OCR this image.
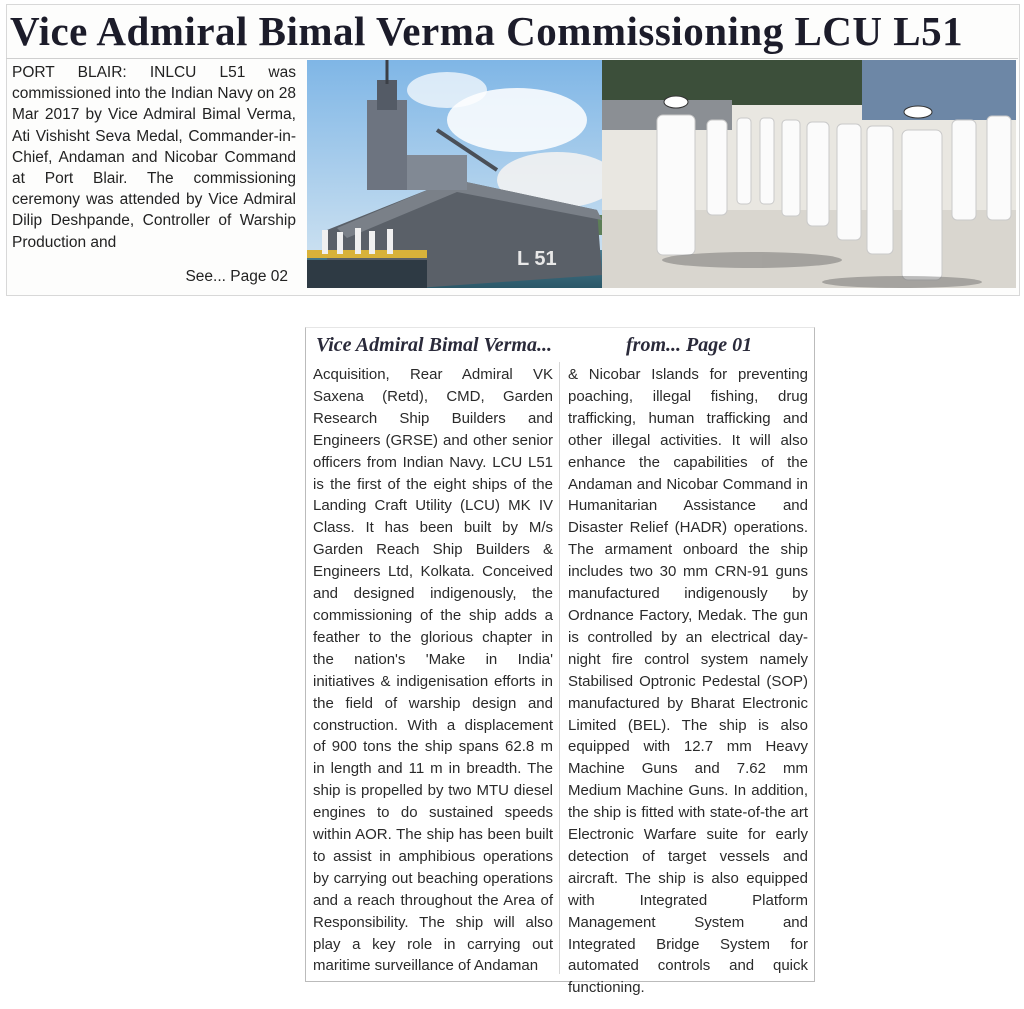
Vice Admiral Bimal Verma Commissioning LCU L51

PORT BLAIR: INLCU L51 was commissioned into the Indian Navy on 28 Mar 2017 by Vice Admiral Bimal Verma, Ati Vishisht Seva Medal, Commander-in-Chief, Andaman and Nicobar Command at Port Blair. The commissioning ceremony was attended by Vice Admiral Dilip Deshpande, Controller of Warship Production and

See... Page 02
L 51
Vice Admiral Bimal Verma...	from... Page 01
Acquisition, Rear Admiral VK Saxena (Retd), CMD, Garden Research Ship Builders and Engineers (GRSE) and other senior officers from Indian Navy. LCU L51 is the first of the eight ships of the Landing Craft Utility (LCU) MK IV Class. It has been built by M/s Garden Reach Ship Builders & Engineers Ltd, Kolkata. Conceived and designed indigenously, the commissioning of the ship adds a feather to the glorious chapter in the nation's 'Make in India' initiatives & indigenisation efforts in the field of warship design and construction. With a displacement of 900 tons the ship spans 62.8 m in length and 11 m in breadth. The ship is propelled by two MTU diesel engines to do sustained speeds within AOR. The ship has been built to assist in amphibious operations by carrying out beaching operations and a reach throughout the Area of Responsibility. The ship will also play a key role in carrying out maritime surveillance of Andaman
& Nicobar Islands for preventing poaching, illegal fishing, drug trafficking, human trafficking and other illegal activities. It will also enhance the capabilities of the Andaman and Nicobar Command in Humanitarian Assistance and Disaster Relief (HADR) operations. The armament onboard the ship includes two 30 mm CRN-91 guns manufactured indigenously by Ordnance Factory, Medak. The gun is controlled by an electrical day-night fire control system namely Stabilised Optronic Pedestal (SOP) manufactured by Bharat Electronic Limited (BEL). The ship is also equipped with 12.7 mm Heavy Machine Guns and 7.62 mm Medium Machine Guns. In addition, the ship is fitted with state-of-the art Electronic Warfare suite for early detection of target vessels and aircraft. The ship is also equipped with Integrated Platform Management System and Integrated Bridge System for automated controls and quick functioning.
